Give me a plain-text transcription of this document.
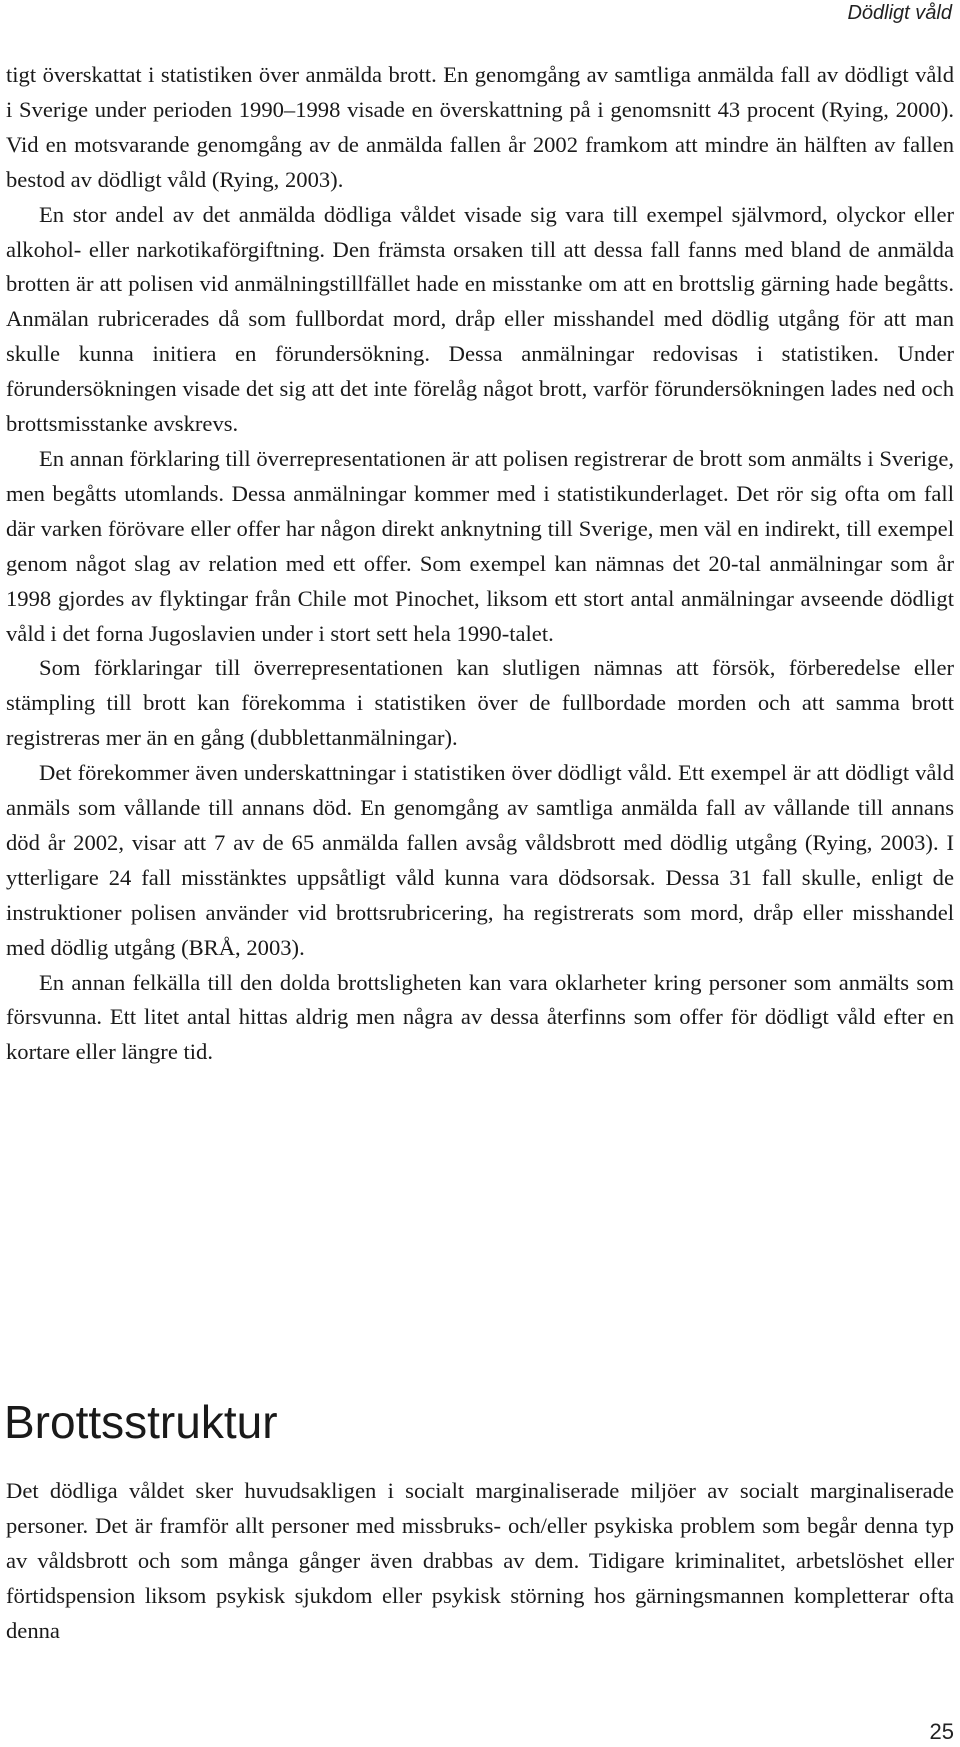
Dödligt våld

tigt överskattat i statistiken över anmälda brott. En genomgång av samtliga anmälda fall av dödligt våld i Sverige under perioden 1990–1998 visade en överskattning på i genomsnitt 43 procent (Rying, 2000). Vid en motsvarande genomgång av de anmälda fallen år 2002 framkom att mindre än hälften av fallen bestod av dödligt våld (Rying, 2003).

En stor andel av det anmälda dödliga våldet visade sig vara till exempel självmord, olyckor eller alkohol- eller narkotikaförgiftning. Den främsta orsaken till att dessa fall fanns med bland de anmälda brotten är att polisen vid anmälningstillfället hade en misstanke om att en brottslig gärning hade begåtts. Anmälan rubricerades då som fullbordat mord, dråp eller misshandel med dödlig utgång för att man skulle kunna initiera en förundersökning. Dessa anmälningar redovisas i statistiken. Under förundersökningen visade det sig att det inte förelåg något brott, varför förundersökningen lades ned och brottsmisstanke avskrevs.

En annan förklaring till överrepresentationen är att polisen registrerar de brott som anmälts i Sverige, men begåtts utomlands. Dessa anmälningar kommer med i statistikunderlaget. Det rör sig ofta om fall där varken förövare eller offer har någon direkt anknytning till Sverige, men väl en indirekt, till exempel genom något slag av relation med ett offer. Som exempel kan nämnas det 20-tal anmälningar som år 1998 gjordes av flyktingar från Chile mot Pinochet, liksom ett stort antal anmälningar avseende dödligt våld i det forna Jugoslavien under i stort sett hela 1990-talet.

Som förklaringar till överrepresentationen kan slutligen nämnas att försök, förberedelse eller stämpling till brott kan förekomma i statistiken över de fullbordade morden och att samma brott registreras mer än en gång (dubblettanmälningar).

Det förekommer även underskattningar i statistiken över dödligt våld. Ett exempel är att dödligt våld anmäls som vållande till annans död. En genomgång av samtliga anmälda fall av vållande till annans död år 2002, visar att 7 av de 65 anmälda fallen avsåg våldsbrott med dödlig utgång (Rying, 2003). I ytterligare 24 fall misstänktes uppsåtligt våld kunna vara dödsorsak. Dessa 31 fall skulle, enligt de instruktioner polisen använder vid brottsrubricering, ha registrerats som mord, dråp eller misshandel med dödlig utgång (BRÅ, 2003).

En annan felkälla till den dolda brottsligheten kan vara oklarheter kring personer som anmälts som försvunna. Ett litet antal hittas aldrig men några av dessa återfinns som offer för dödligt våld efter en kortare eller längre tid.

Brottsstruktur

Det dödliga våldet sker huvudsakligen i socialt marginaliserade miljöer av socialt marginaliserade personer. Det är framför allt personer med missbruks- och/eller psykiska problem som begår denna typ av våldsbrott och som många gånger även drabbas av dem. Tidigare kriminalitet, arbetslöshet eller förtidspension liksom psykisk sjukdom eller psykisk störning hos gärningsmannen kompletterar ofta denna

25
